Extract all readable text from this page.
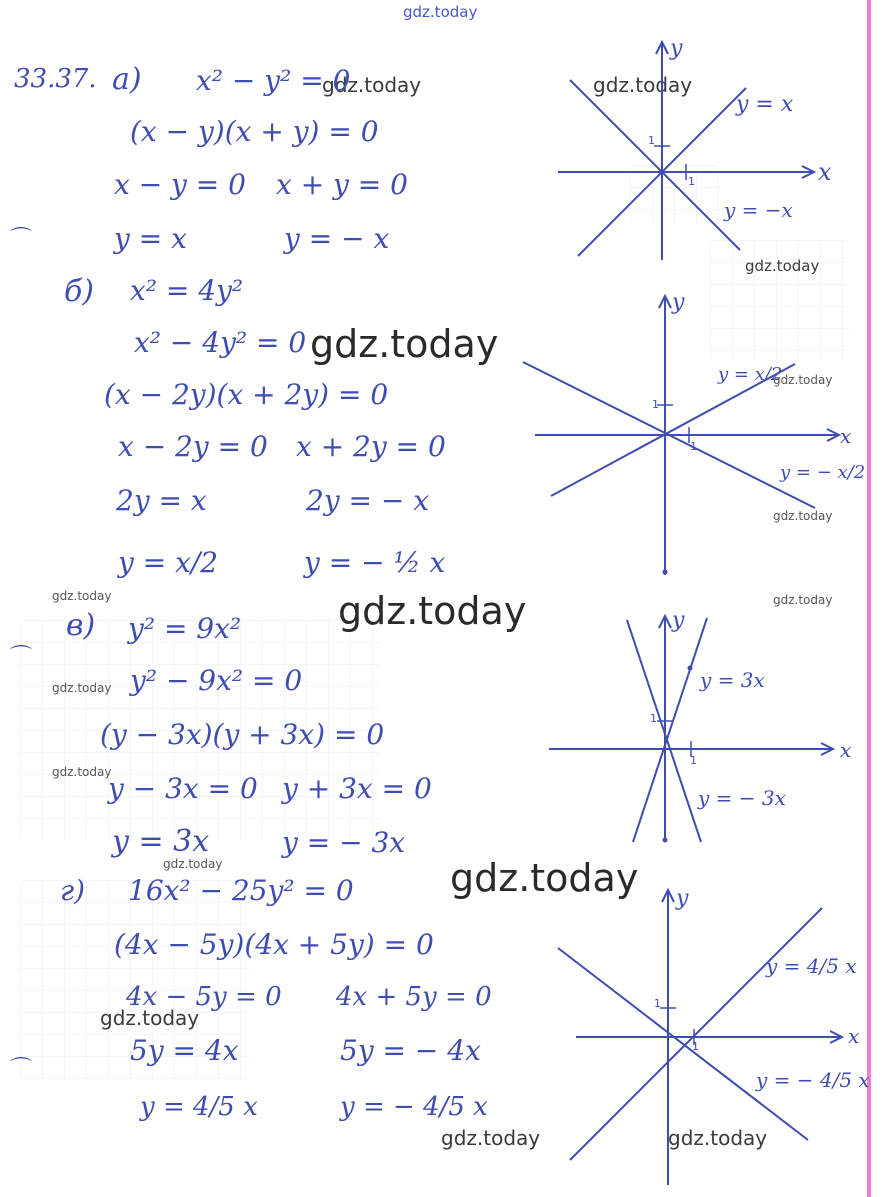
gdz.today
gdz.today	gdz.today
gdz.today
gdz.today
gdz.today
gdz.today
gdz.today	gdz.today	gdz.today
gdz.today
gdz.today
gdz.today	gdz.today
gdz.today
gdz.today	gdz.today
⌒
⌒
⌒
33.37. а) x² − y² = 0
(x − y)(x + y) = 0
x − y = 0 x + y = 0
y = x	y = − x
y
x
1
1
y = x
y = −x
б) x² = 4y²
x² − 4y² = 0
(x − 2y)(x + 2y) = 0
x − 2y = 0 x + 2y = 0
2y = x	2y = − x
y = x/2	y = − ½ x
y
x
1
1
y = x/2
y = − x/2
в) y² = 9x²
y² − 9x² = 0
(y − 3x)(y + 3x) = 0
y − 3x = 0 y + 3x = 0
y = 3x	y = − 3x
y
x
1
1
y = 3x
y = − 3x
г) 16x² − 25y² = 0
(4x − 5y)(4x + 5y) = 0
4x − 5y = 0 4x + 5y = 0
5y = 4x	5y = − 4x
y = 4/5 x	y = − 4/5 x
y
x
1
1
y = 4/5 x
y = − 4/5 x
